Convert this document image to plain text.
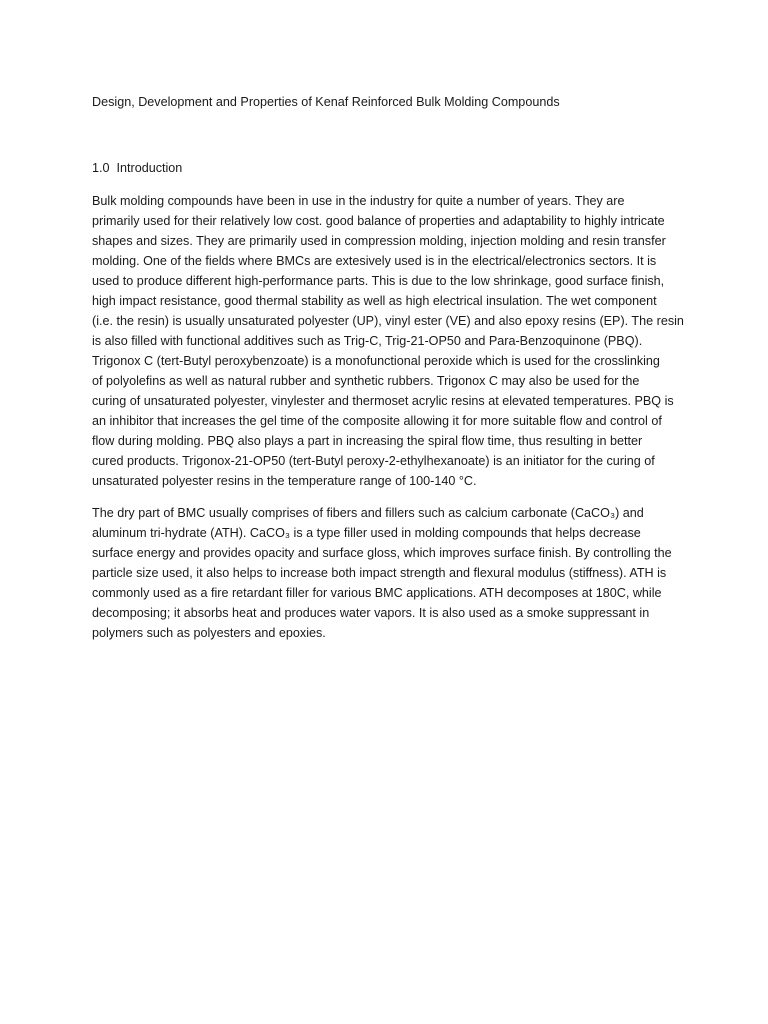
Design, Development and Properties of Kenaf Reinforced Bulk Molding Compounds
1.0  Introduction

Bulk molding compounds have been in use in the industry for quite a number of years. They are
primarily used for their relatively low cost. good balance of properties and adaptability to highly intricate
shapes and sizes. They are primarily used in compression molding, injection molding and resin transfer
molding. One of the fields where BMCs are extesively used is in the electrical/electronics sectors. It is
used to produce different high-performance parts. This is due to the low shrinkage, good surface finish,
high impact resistance, good thermal stability as well as high electrical insulation. The wet component
(i.e. the resin) is usually unsaturated polyester (UP), vinyl ester (VE) and also epoxy resins (EP). The resin
is also filled with functional additives such as Trig-C, Trig-21-OP50 and Para-Benzoquinone (PBQ).
Trigonox C (tert-Butyl peroxybenzoate) is a monofunctional peroxide which is used for the crosslinking
of polyolefins as well as natural rubber and synthetic rubbers. Trigonox C may also be used for the
curing of unsaturated polyester, vinylester and thermoset acrylic resins at elevated temperatures. PBQ is
an inhibitor that increases the gel time of the composite allowing it for more suitable flow and control of
flow during molding. PBQ also plays a part in increasing the spiral flow time, thus resulting in better
cured products. Trigonox-21-OP50 (tert-Butyl peroxy-2-ethylhexanoate) is an initiator for the curing of
unsaturated polyester resins in the temperature range of 100-140 °C.

The dry part of BMC usually comprises of fibers and fillers such as calcium carbonate (CaCO₃) and
aluminum tri-hydrate (ATH). CaCO₃ is a type filler used in molding compounds that helps decrease
surface energy and provides opacity and surface gloss, which improves surface finish. By controlling the
particle size used, it also helps to increase both impact strength and flexural modulus (stiffness). ATH is
commonly used as a fire retardant filler for various BMC applications. ATH decomposes at 180C, while
decomposing; it absorbs heat and produces water vapors. It is also used as a smoke suppressant in
polymers such as polyesters and epoxies.
